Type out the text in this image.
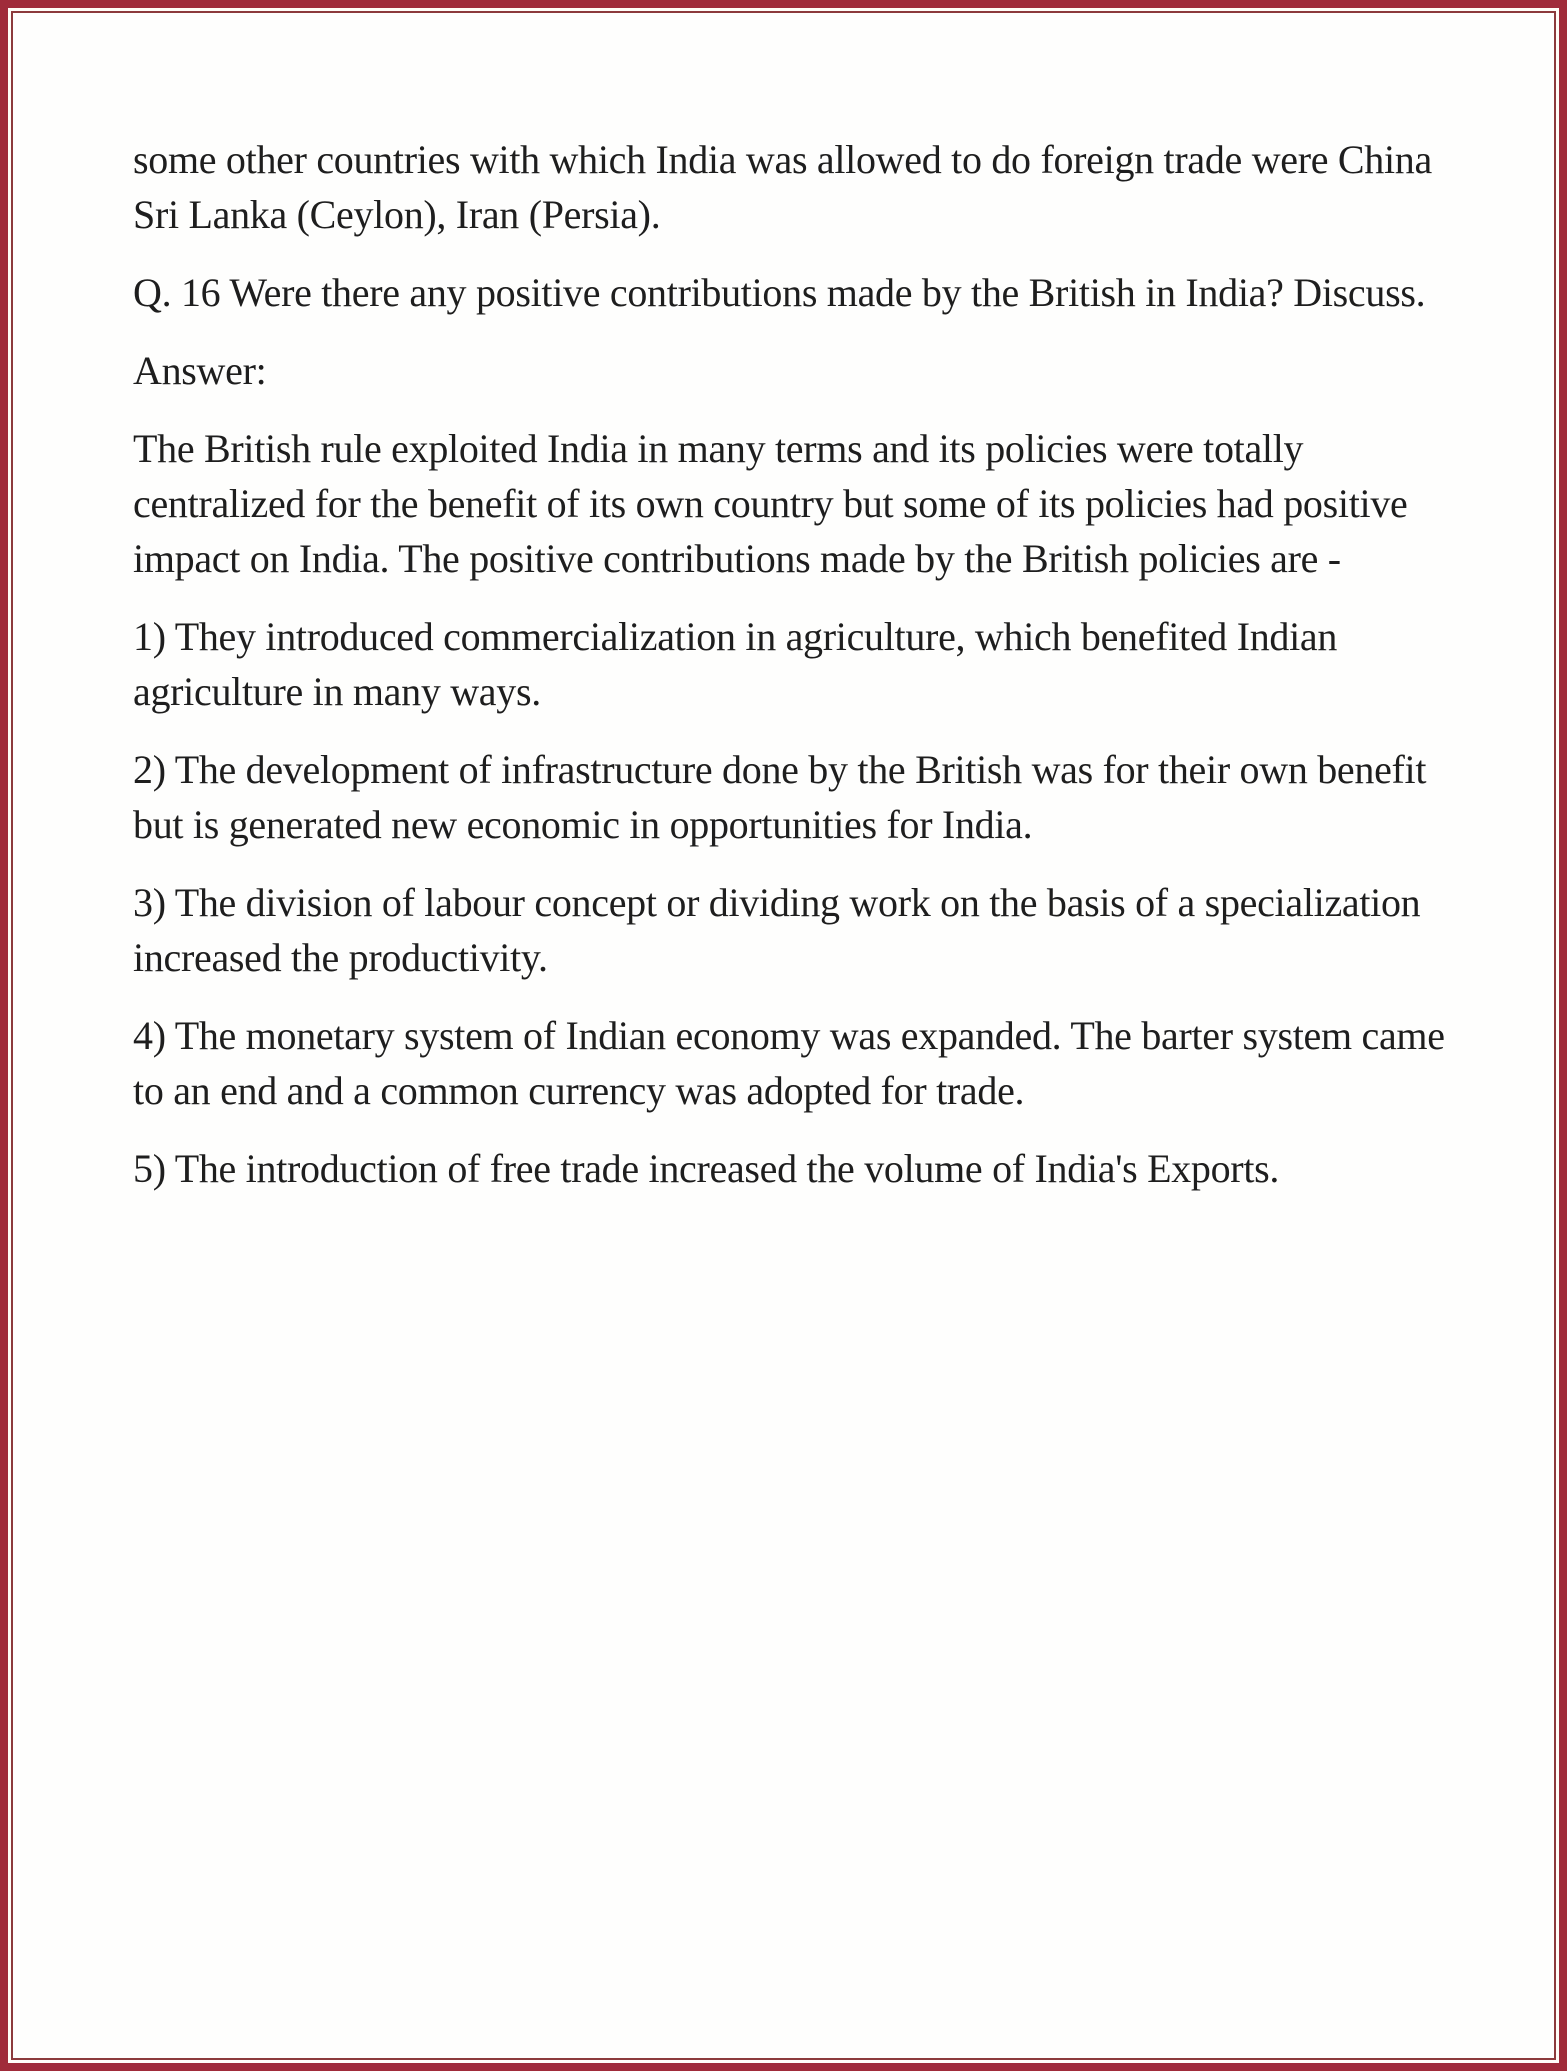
some other countries with which India was allowed to do foreign trade were China Sri Lanka (Ceylon), Iran (Persia).

Q. 16 Were there any positive contributions made by the British in India? Discuss.

Answer:

The British rule exploited India in many terms and its policies were totally centralized for the benefit of its own country but some of its policies had positive impact on India. The positive contributions made by the British policies are -

1) They introduced commercialization in agriculture, which benefited Indian agriculture in many ways.

2) The development of infrastructure done by the British was for their own benefit but is generated new economic in opportunities for India.

3) The division of labour concept or dividing work on the basis of a specialization increased the productivity.

4) The monetary system of Indian economy was expanded. The barter system came to an end and a common currency was adopted for trade.

5) The introduction of free trade increased the volume of India's Exports.
